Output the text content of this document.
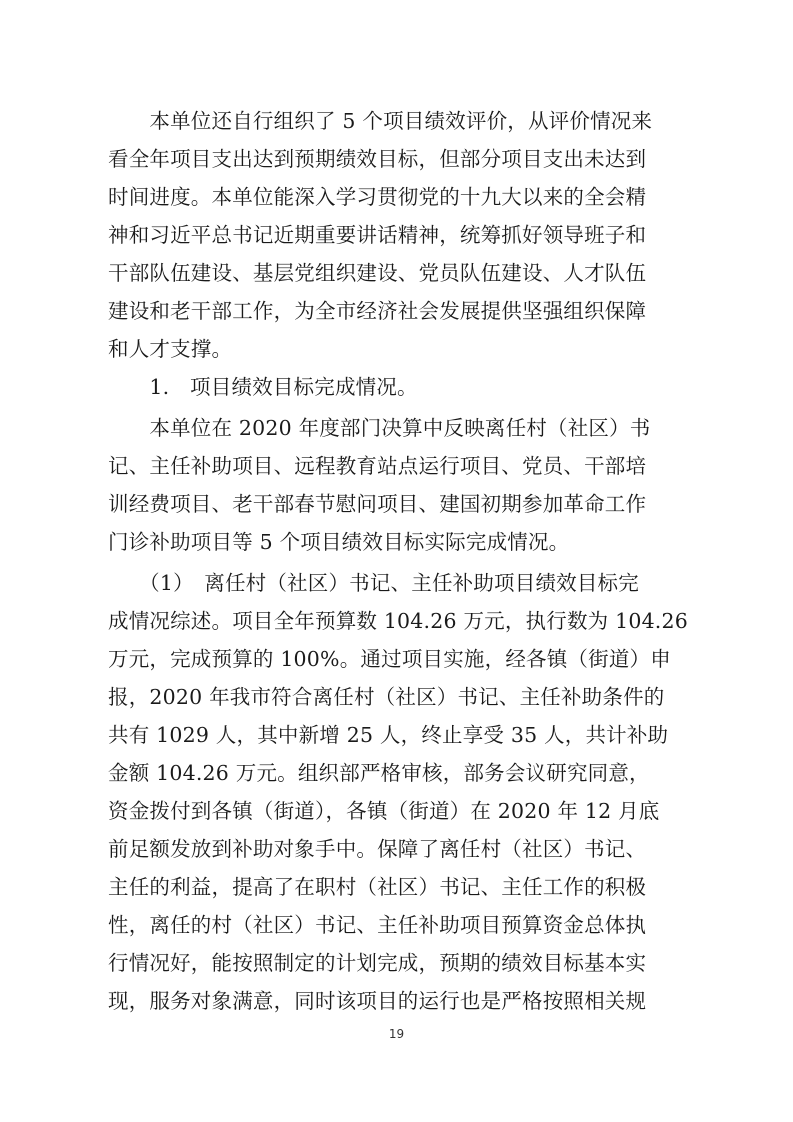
　　本单位还自行组织了 5 个项目绩效评价，从评价情况来
看全年项目支出达到预期绩效目标，但部分项目支出未达到
时间进度。本单位能深入学习贯彻党的十九大以来的全会精
神和习近平总书记近期重要讲话精神，统筹抓好领导班子和
干部队伍建设、基层党组织建设、党员队伍建设、人才队伍
建设和老干部工作，为全市经济社会发展提供坚强组织保障
和人才支撑。
　　1.　项目绩效目标完成情况。
　　本单位在 2020 年度部门决算中反映离任村（社区）书
记、主任补助项目、远程教育站点运行项目、党员、干部培
训经费项目、老干部春节慰问项目、建国初期参加革命工作
门诊补助项目等 5 个项目绩效目标实际完成情况。
　　（1）　离任村（社区）书记、主任补助项目绩效目标完
成情况综述。项目全年预算数 104.26 万元，执行数为 104.26
万元，完成预算的 100%。通过项目实施，经各镇（街道）申
报，2020 年我市符合离任村（社区）书记、主任补助条件的
共有 1029 人，其中新增 25 人，终止享受 35 人，共计补助
金额 104.26 万元。组织部严格审核，部务会议研究同意，
资金拨付到各镇（街道），各镇（街道）在 2020 年 12 月底
前足额发放到补助对象手中。保障了离任村（社区）书记、
主任的利益，提高了在职村（社区）书记、主任工作的积极
性，离任的村（社区）书记、主任补助项目预算资金总体执
行情况好，能按照制定的计划完成，预期的绩效目标基本实
现，服务对象满意，同时该项目的运行也是严格按照相关规
19
